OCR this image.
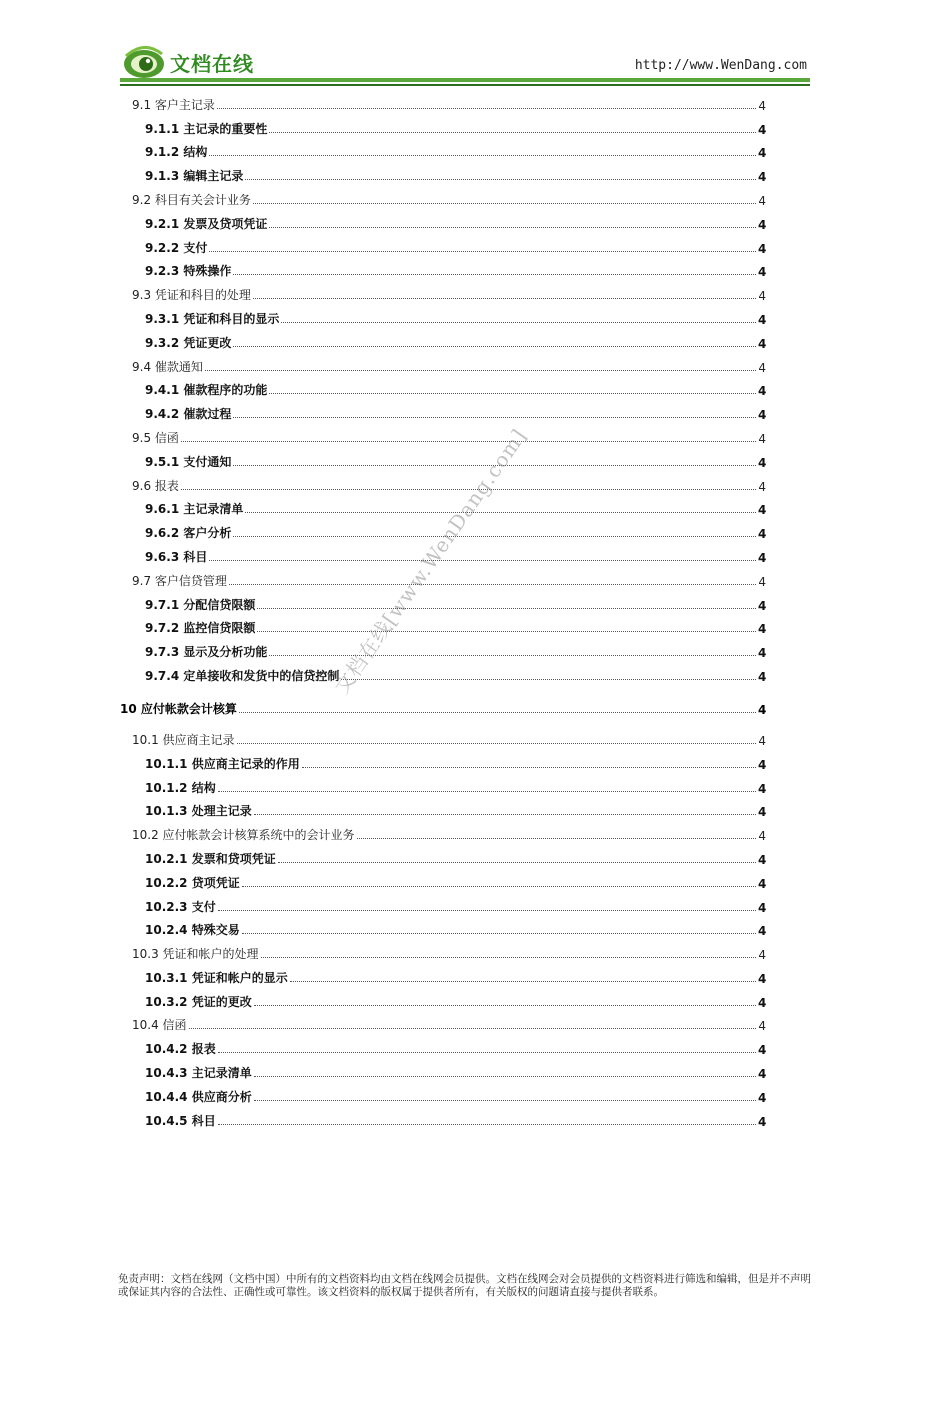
文档在线	http://www.WenDang.com
9.1 客户主记录	4
9.1.1 主记录的重要性	4
9.1.2 结构	4
9.1.3 编辑主记录	4
9.2 科目有关会计业务	4
9.2.1 发票及贷项凭证	4
9.2.2 支付	4
9.2.3 特殊操作	4
9.3 凭证和科目的处理	4
9.3.1 凭证和科目的显示	4
9.3.2 凭证更改	4
9.4 催款通知	4
9.4.1 催款程序的功能	4
9.4.2 催款过程	4
9.5 信函	4
9.5.1 支付通知	4
9.6 报表	4
9.6.1 主记录清单	4
9.6.2 客户分析	4
9.6.3 科目	4
9.7 客户信贷管理	4
9.7.1 分配信贷限额	4
9.7.2 监控信贷限额	4
9.7.3 显示及分析功能	4
9.7.4 定单接收和发货中的信贷控制	4
10 应付帐款会计核算	4
10.1 供应商主记录	4
10.1.1 供应商主记录的作用	4
10.1.2 结构	4
10.1.3 处理主记录	4
10.2 应付帐款会计核算系统中的会计业务	4
10.2.1 发票和贷项凭证	4
10.2.2 贷项凭证	4
10.2.3 支付	4
10.2.4 特殊交易	4
10.3 凭证和帐户的处理	4
10.3.1 凭证和帐户的显示	4
10.3.2 凭证的更改	4
10.4 信函	4
10.4.2 报表	4
10.4.3 主记录清单	4
10.4.4 供应商分析	4
10.4.5 科目	4
文档在线[www.WenDang.com]
免责声明：文档在线网（文档中国）中所有的文档资料均由文档在线网会员提供。文档在线网会对会员提供的文档资料进行筛选和编辑，但是并不声明或保证其内容的合法性、正确性或可靠性。该文档资料的版权属于提供者所有，有关版权的问题请直接与提供者联系。
